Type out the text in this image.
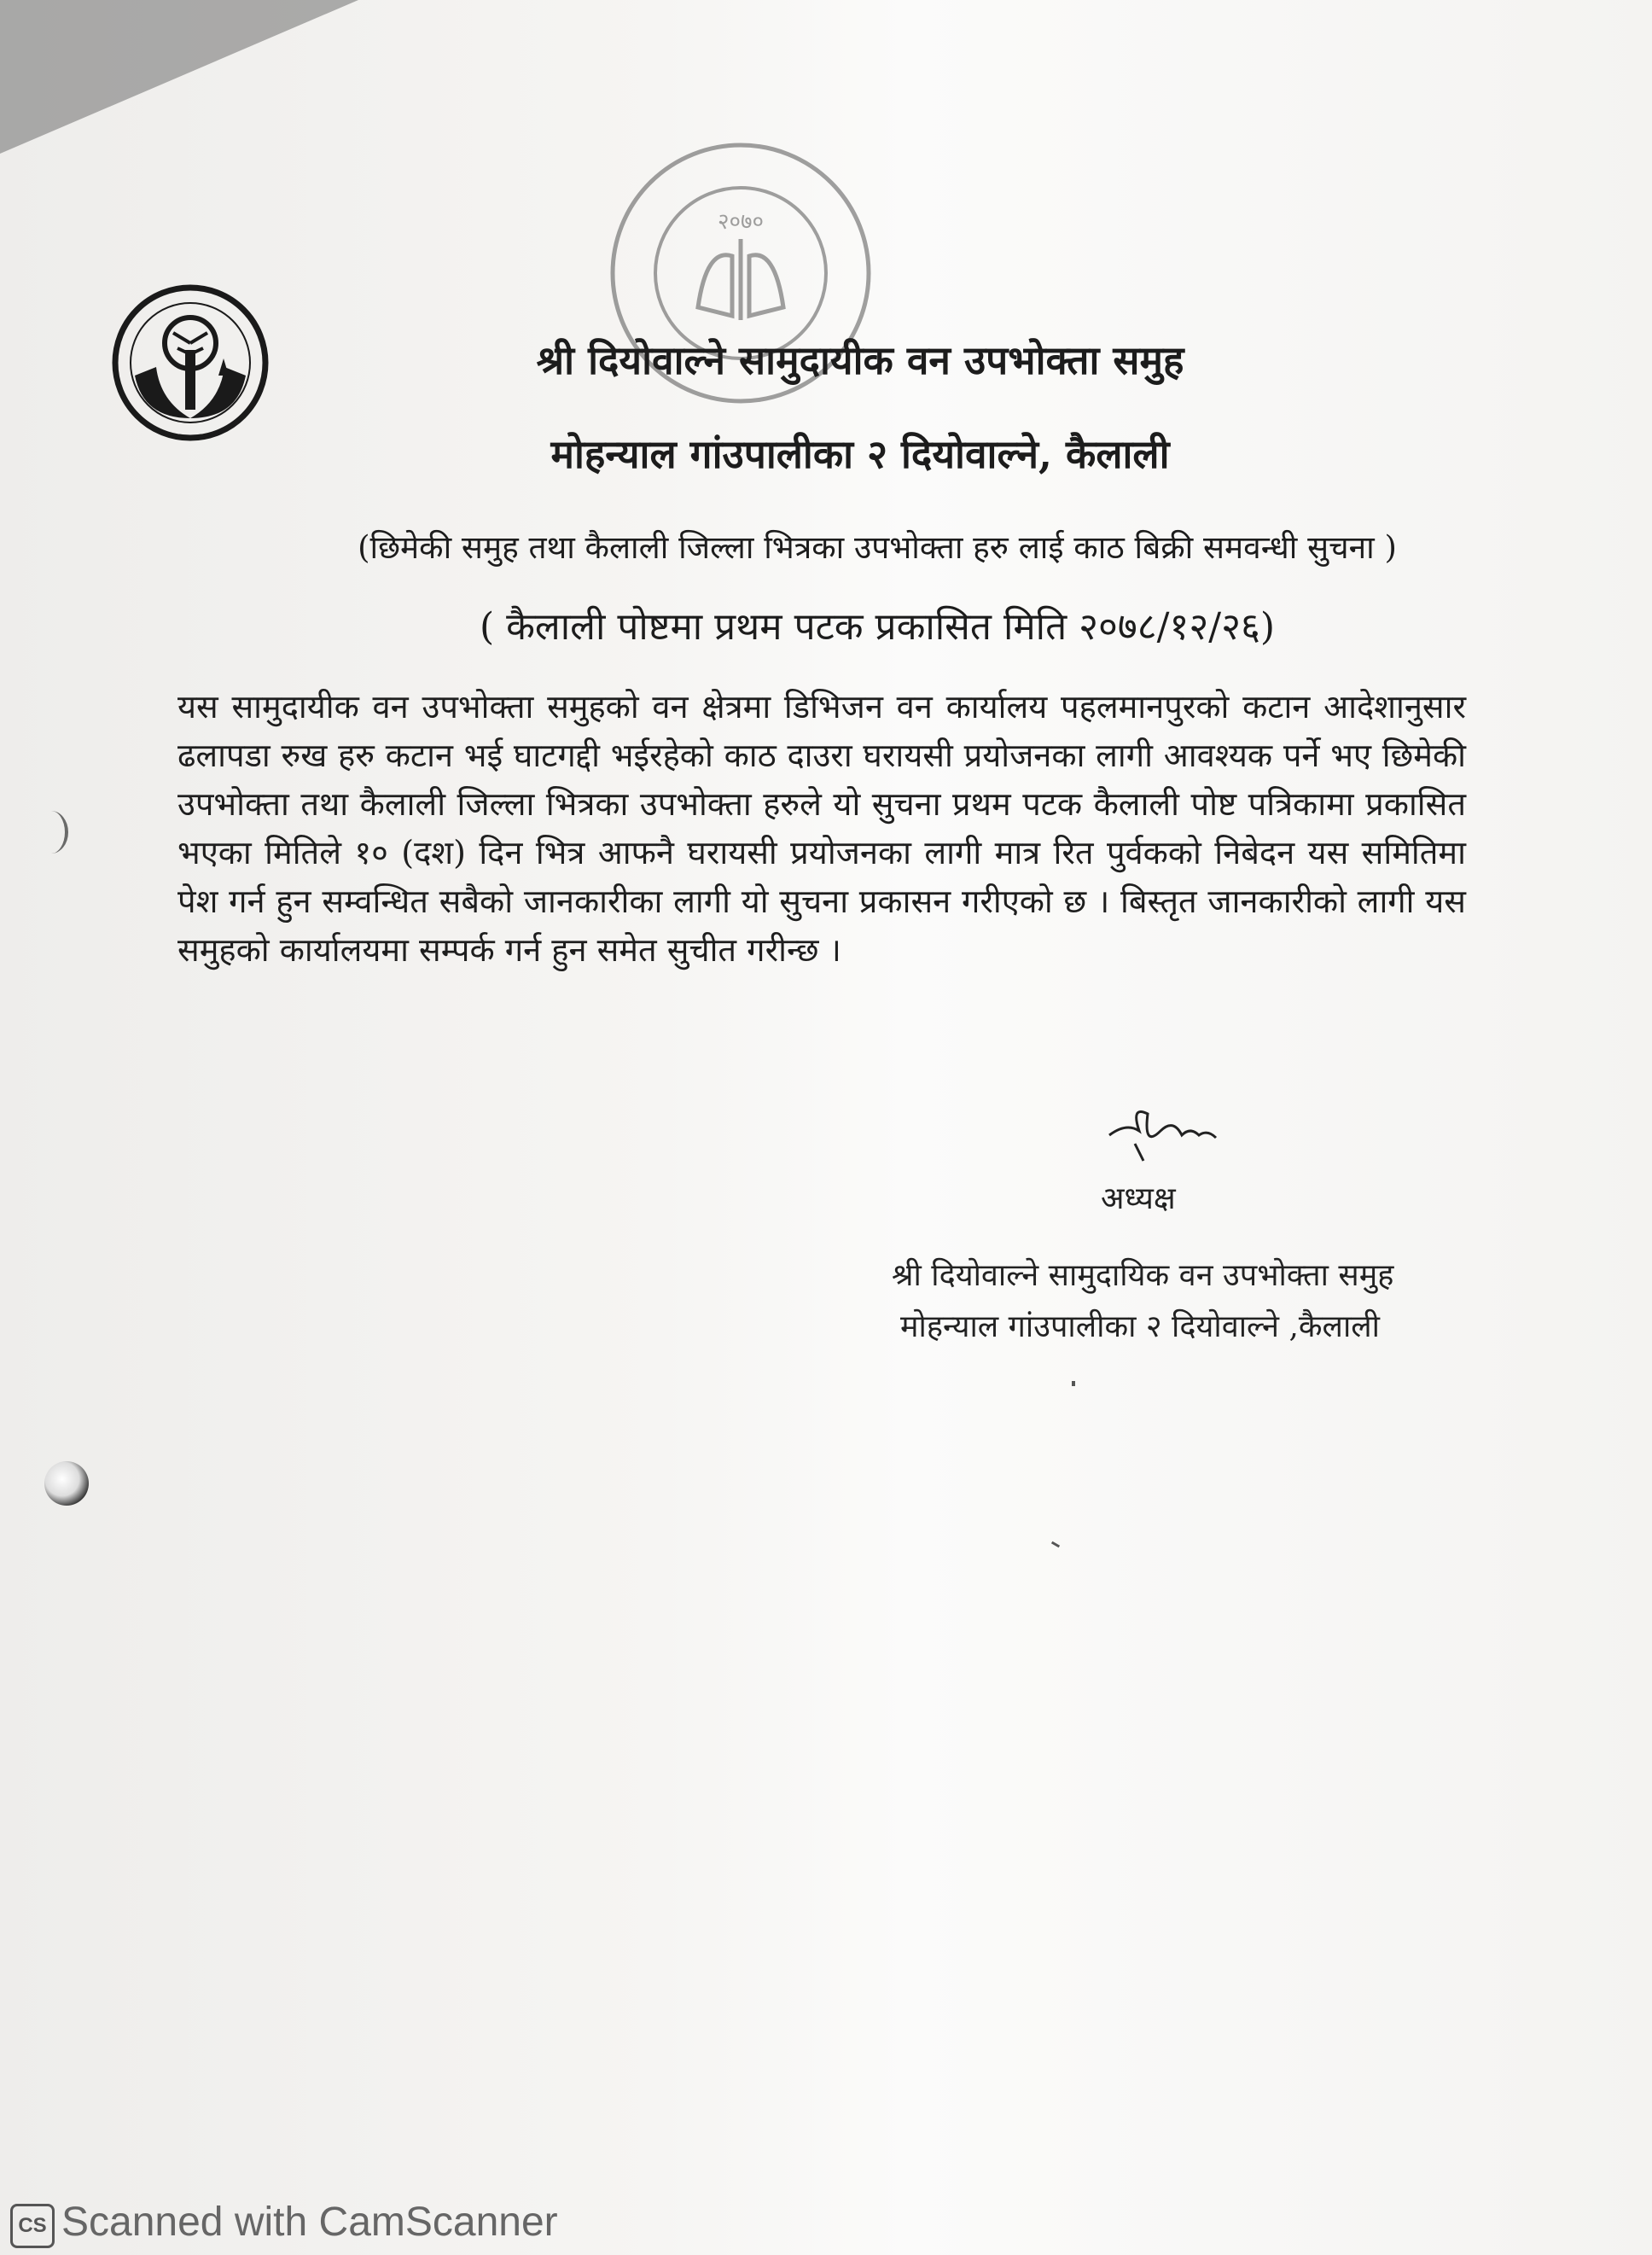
२०७०
श्री दियोवाल्ने सामुदायीक वन उपभोक्ता समुह
मोहन्याल गांउपालीका २ दियोवाल्ने, कैलाली
(छिमेकी समुह तथा कैलाली जिल्ला भित्रका उपभोक्ता हरु लाई काठ बिक्री समवन्धी सुचना )
( कैलाली पोष्टमा प्रथम पटक प्रकासित मिति २०७८/१२/२६)
यस सामुदायीक वन उपभोक्ता समुहको वन क्षेत्रमा डिभिजन वन कार्यालय पहलमानपुरको कटान आदेशानुसार ढलापडा रुख हरु कटान भई घाटगद्दी भईरहेको काठ दाउरा घरायसी प्रयोजनका लागी आवश्यक पर्ने भए छिमेकी उपभोक्ता तथा कैलाली जिल्ला भित्रका उपभोक्ता हरुले यो सुचना प्रथम पटक कैलाली पोष्ट पत्रिकामा प्रकासित भएका मितिले १० (दश) दिन भित्र आफनै घरायसी प्रयोजनका लागी मात्र रित पुर्वकको निबेदन यस समितिमा पेश गर्न हुन सम्वन्धित सबैको जानकारीका लागी यो सुचना प्रकासन गरीएको छ । बिस्तृत जानकारीको लागी यस समुहको कार्यालयमा सम्पर्क गर्न हुन समेत सुचीत गरीन्छ ।
अध्यक्ष
श्री दियोवाल्ने सामुदायिक वन उपभोक्ता समुह
मोहन्याल गांउपालीका २ दियोवाल्ने ,कैलाली
CS Scanned with CamScanner
